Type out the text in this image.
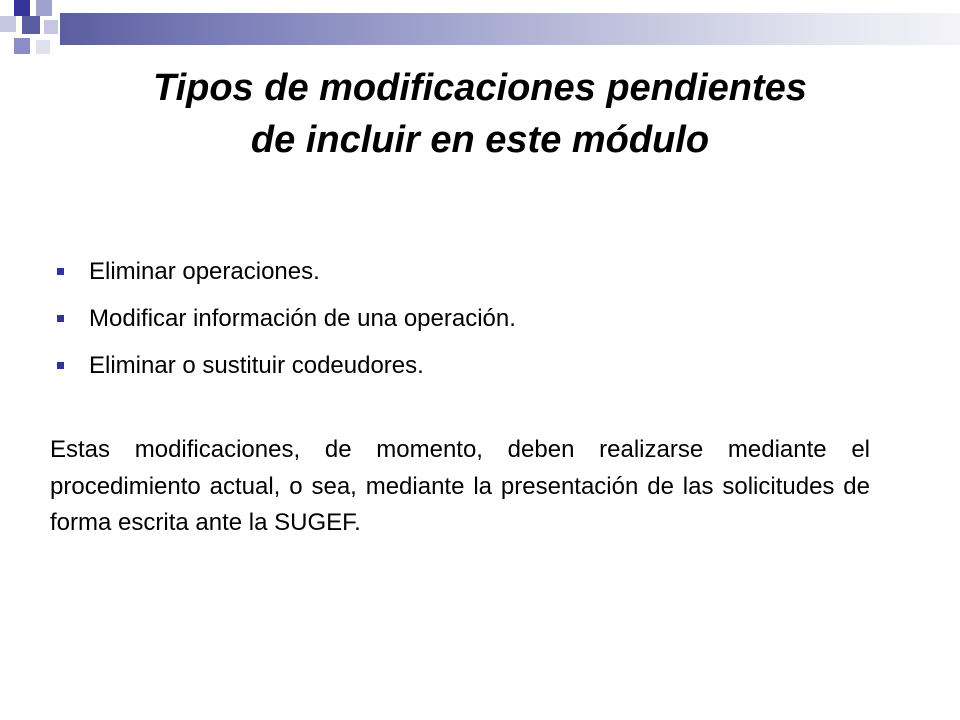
Tipos de modificaciones pendientes
de incluir en este módulo
Eliminar operaciones.
Modificar información de una operación.
Eliminar o sustituir codeudores.

Estas modificaciones, de momento, deben realizarse mediante el procedimiento actual, o sea, mediante la presentación de las solicitudes de forma escrita ante la SUGEF.
